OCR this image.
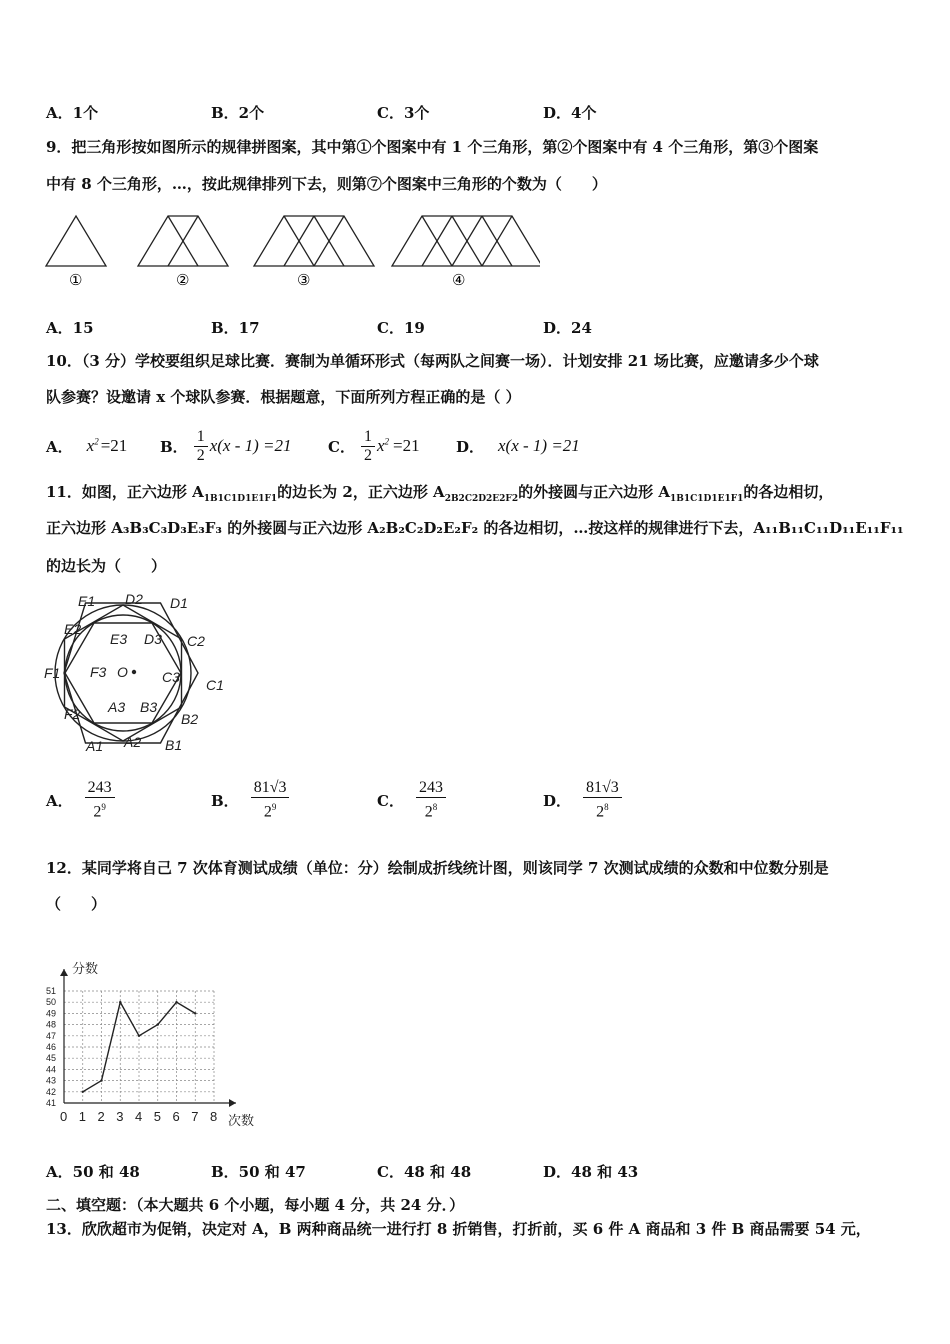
A．1个	B．2个	C．3个	D．4个
9．把三角形按如图所示的规律拼图案，其中第①个图案中有 1 个三角形，第②个图案中有 4 个三角形，第③个图案
中有 8 个三角形，…，按此规律排列下去，则第⑦个图案中三角形的个数为（　　）
①	②	③	④
A．15	B．17	C．19	D．24
10．（3 分）学校要组织足球比赛．赛制为单循环形式（每两队之间赛一场）．计划安排 21 场比赛，应邀请多少个球
队参赛？设邀请 x 个球队参赛．根据题意，下面所列方程正确的是（ ）
A． $x^2 =21$ B． $\frac{1}{2} x(x - 1) =21$ C． $\frac{1}{2} x^2 =21$ D． x(x - 1) =21
11．如图，正六边形 $A_{1B1C1D1E1F1}$的边长为 2，正六边形 $A_{2B2C2D2E2F2}$的外接圆与正六边形 $A_{1B1C1D1E1F1}$的各边相切，
正六边形 A₃B₃C₃D₃E₃F₃ 的外接圆与正六边形 A₂B₂C₂D₂E₂F₂ 的各边相切，…按这样的规律进行下去，A₁₁B₁₁C₁₁D₁₁E₁₁F₁₁
的边长为（　　）
E1 D2 D1
E2
E3 D3 C2
F1 F3 O C3 C1
F2 A3 B3
B2
A1 A2 B1
A． $\frac{243}{2^9}$	B． $\frac{81√3}{2^9}$	C． $\frac{243}{2^8}$	D． $\frac{81√3}{2^8}$
12．某同学将自己 7 次体育测试成绩（单位：分）绘制成折线统计图，则该同学 7 次测试成绩的众数和中位数分别是
（　　）
0 1 2 3 4 5 6 7 8
41
42
43
44
45
46
47
48
49
50
51
分数
次数
A．50 和 48	B．50 和 47	C．48 和 48	D．48 和 43
二、填空题：（本大题共 6 个小题，每小题 4 分，共 24 分．）
13．欣欣超市为促销，决定对 A，B 两种商品统一进行打 8 折销售，打折前，买 6 件 A 商品和 3 件 B 商品需要 54 元，
